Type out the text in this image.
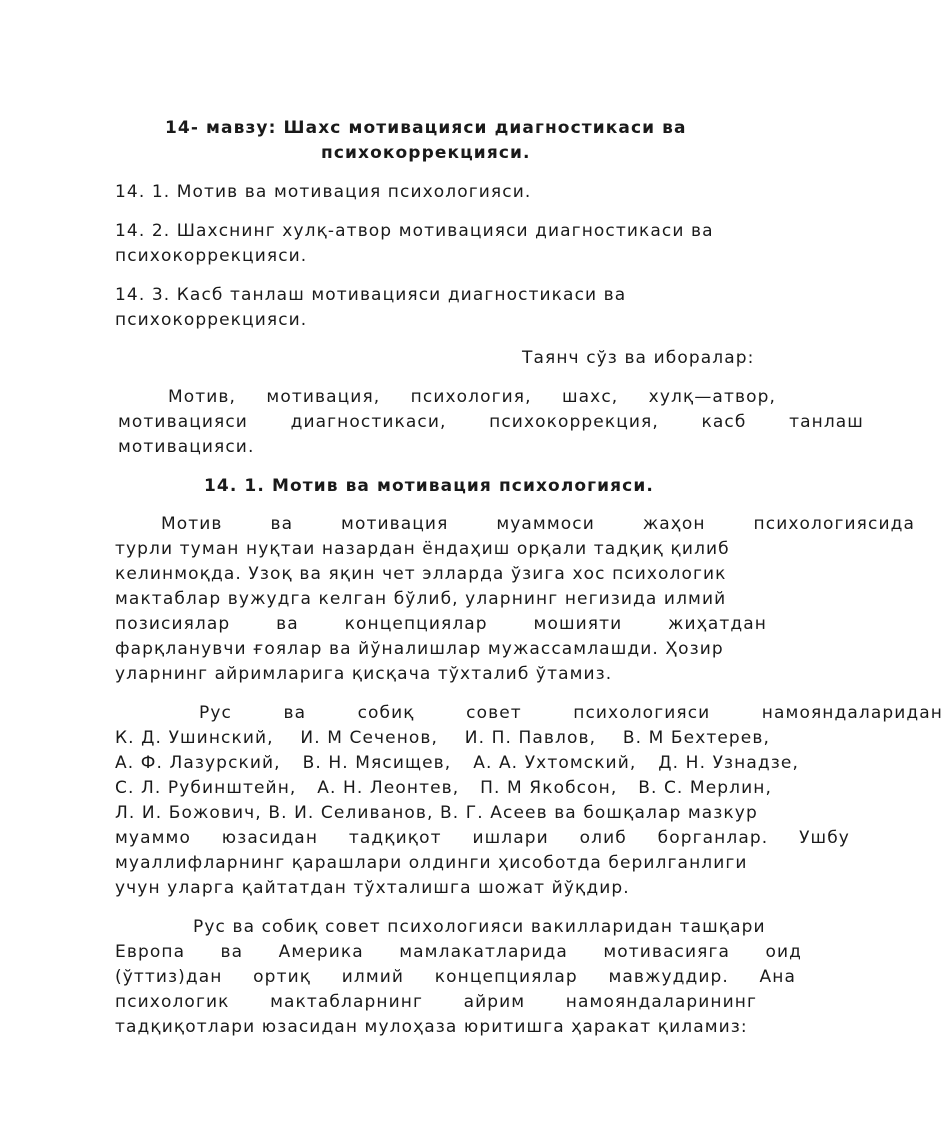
14- мавзу: Шахс мотивацияси диагностикаси ва
психокоррекцияси.
14. 1. Мотив ва мотивация психологияси.
14. 2. Шахснинг хулқ-атвор мотивацияси диагностикаси ва
психокоррекцияси.
14. 3. Касб танлаш мотивацияси диагностикаси ва
психокоррекцияси.
Таянч сўз ва иборалар:
Мотив, мотивация, психология, шахс, хулқ—атвор,
мотивацияси	диагностикаси,	психокоррекция,	касб	танлаш
мотивацияси.
14. 1. Мотив ва мотивация психологияси.
Мотив	ва	мотивация	муаммоси	жаҳон	психологиясида
турли туман нуқтаи назардан ёндаҳиш орқали тадқиқ қилиб
келинмоқда. Узоқ ва яқин чет элларда ўзига хос психологик
мактаблар вужудга келган бўлиб, уларнинг негизида илмий
позисиялар	ва	концепциялар	мошияти	жиҳатдан
фарқланувчи ғоялар ва йўналишлар мужассамлашди. Ҳозир
уларнинг айримларига қисқача тўхталиб ўтамиз.
Рус	ва	собиқ	совет	психологияси	намояндаларидан
К. Д. Ушинский, И. М Сеченов, И. П. Павлов, В. М Бехтерев,
А. Ф. Лазурский, В. Н. Мясищев, А. А. Ухтомский, Д. Н. Узнадзе,
С. Л. Рубинштейн, А. Н. Леонтев, П. М Якобсон, В. С. Мерлин,
Л. И. Божович, В. И. Селиванов, В. Г. Асеев ва бошқалар мазкур
муаммо юзасидан тадқиқот ишлари олиб борганлар. Ушбу
муаллифларнинг қарашлари олдинги ҳисоботда берилганлиги
учун уларга қайтатдан тўхталишга шожат йўқдир.
Рус ва собиқ совет психологияси вакилларидан ташқари
Европа ва Америка мамлакатларида мотивасияга оид
(ўттиз)дан ортиқ илмий концепциялар мавжуддир. Ана
психологик мактабларнинг айрим намояндаларининг
тадқиқотлари юзасидан мулоҳаза юритишга ҳаракат қиламиз:
